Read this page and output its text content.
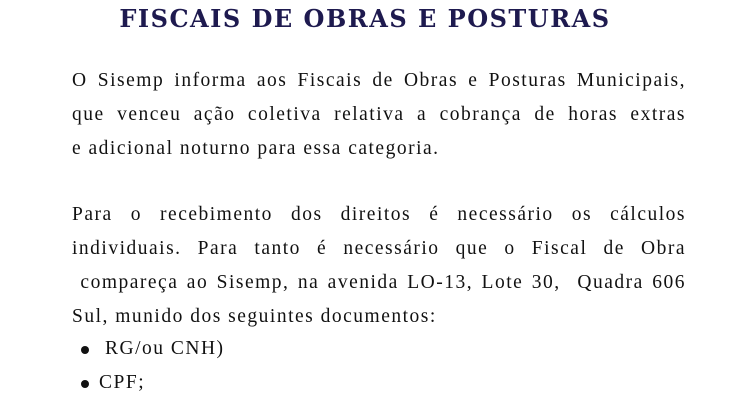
FISCAIS DE OBRAS E POSTURAS
O Sisemp informa aos Fiscais de Obras e Posturas Municipais,
que venceu ação coletiva relativa a cobrança de horas extras
e adicional noturno para essa categoria.
Para o recebimento dos direitos é necessário os cálculos
individuais. Para tanto é necessário que o Fiscal de Obra
compareça ao Sisemp, na avenida LO-13, Lote 30,  Quadra 606
Sul, munido dos seguintes documentos:
RG/ou CNH)
CPF;
